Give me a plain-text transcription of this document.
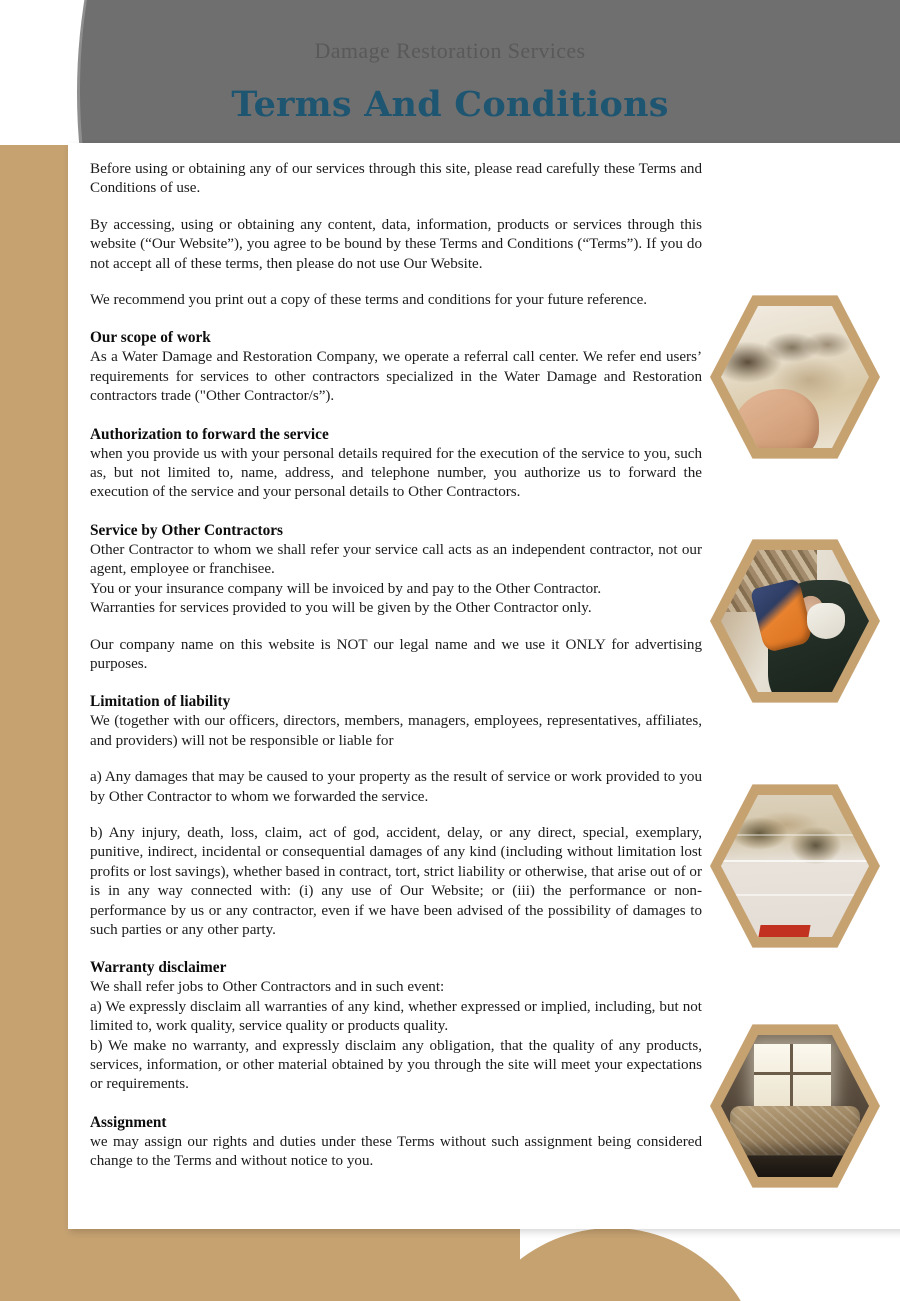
Damage Restoration Services
Terms And Conditions
Before using or obtaining any of our services through this site, please read carefully these Terms and Conditions of use.
By accessing, using or obtaining any content, data, information, products or services through this website (“Our Website”), you agree to be bound by these Terms and Conditions (“Terms”). If you do not accept all of these terms, then please do not use Our Website.
We recommend you print out a copy of these terms and conditions for your future reference.
Our scope of work
As a Water Damage and Restoration Company, we operate a referral call center. We refer end users’ requirements for services to other contractors specialized in the Water Damage and Restoration contractors trade ("Other Contractor/s”).
Authorization to forward the service
when you provide us with your personal details required for the execution of the service to you, such as, but not limited to, name, address, and telephone number, you authorize us to forward the execution of the service and your personal details to Other Contractors.
Service by Other Contractors
Other Contractor to whom we shall refer your service call acts as an independent contractor, not our agent, employee or franchisee.
You or your insurance company will be invoiced by and pay to the Other Contractor.
Warranties for services provided to you will be given by the Other Contractor only.
Our company name on this website is NOT our legal name and we use it ONLY for advertising purposes.
Limitation of liability
We (together with our officers, directors, members, managers, employees, representatives, affiliates, and providers) will not be responsible or liable for
a) Any damages that may be caused to your property as the result of service or work provided to you by Other Contractor to whom we forwarded the service.
b) Any injury, death, loss, claim, act of god, accident, delay, or any direct, special, exemplary, punitive, indirect, incidental or consequential damages of any kind (including without limitation lost profits or lost savings), whether based in contract, tort, strict liability or otherwise, that arise out of or is in any way connected with: (i) any use of Our Website; or (iii) the performance or non-performance by us or any contractor, even if we have been advised of the possibility of damages to such parties or any other party.
Warranty disclaimer
We shall refer jobs to Other Contractors and in such event:
a) We expressly disclaim all warranties of any kind, whether expressed or implied, including, but not limited to, work quality, service quality or products quality.
b) We make no warranty, and expressly disclaim any obligation, that the quality of any products, services, information, or other material obtained by you through the site will meet your expectations or requirements.
Assignment
we may assign our rights and duties under these Terms without such assignment being considered change to the Terms and without notice to you.
